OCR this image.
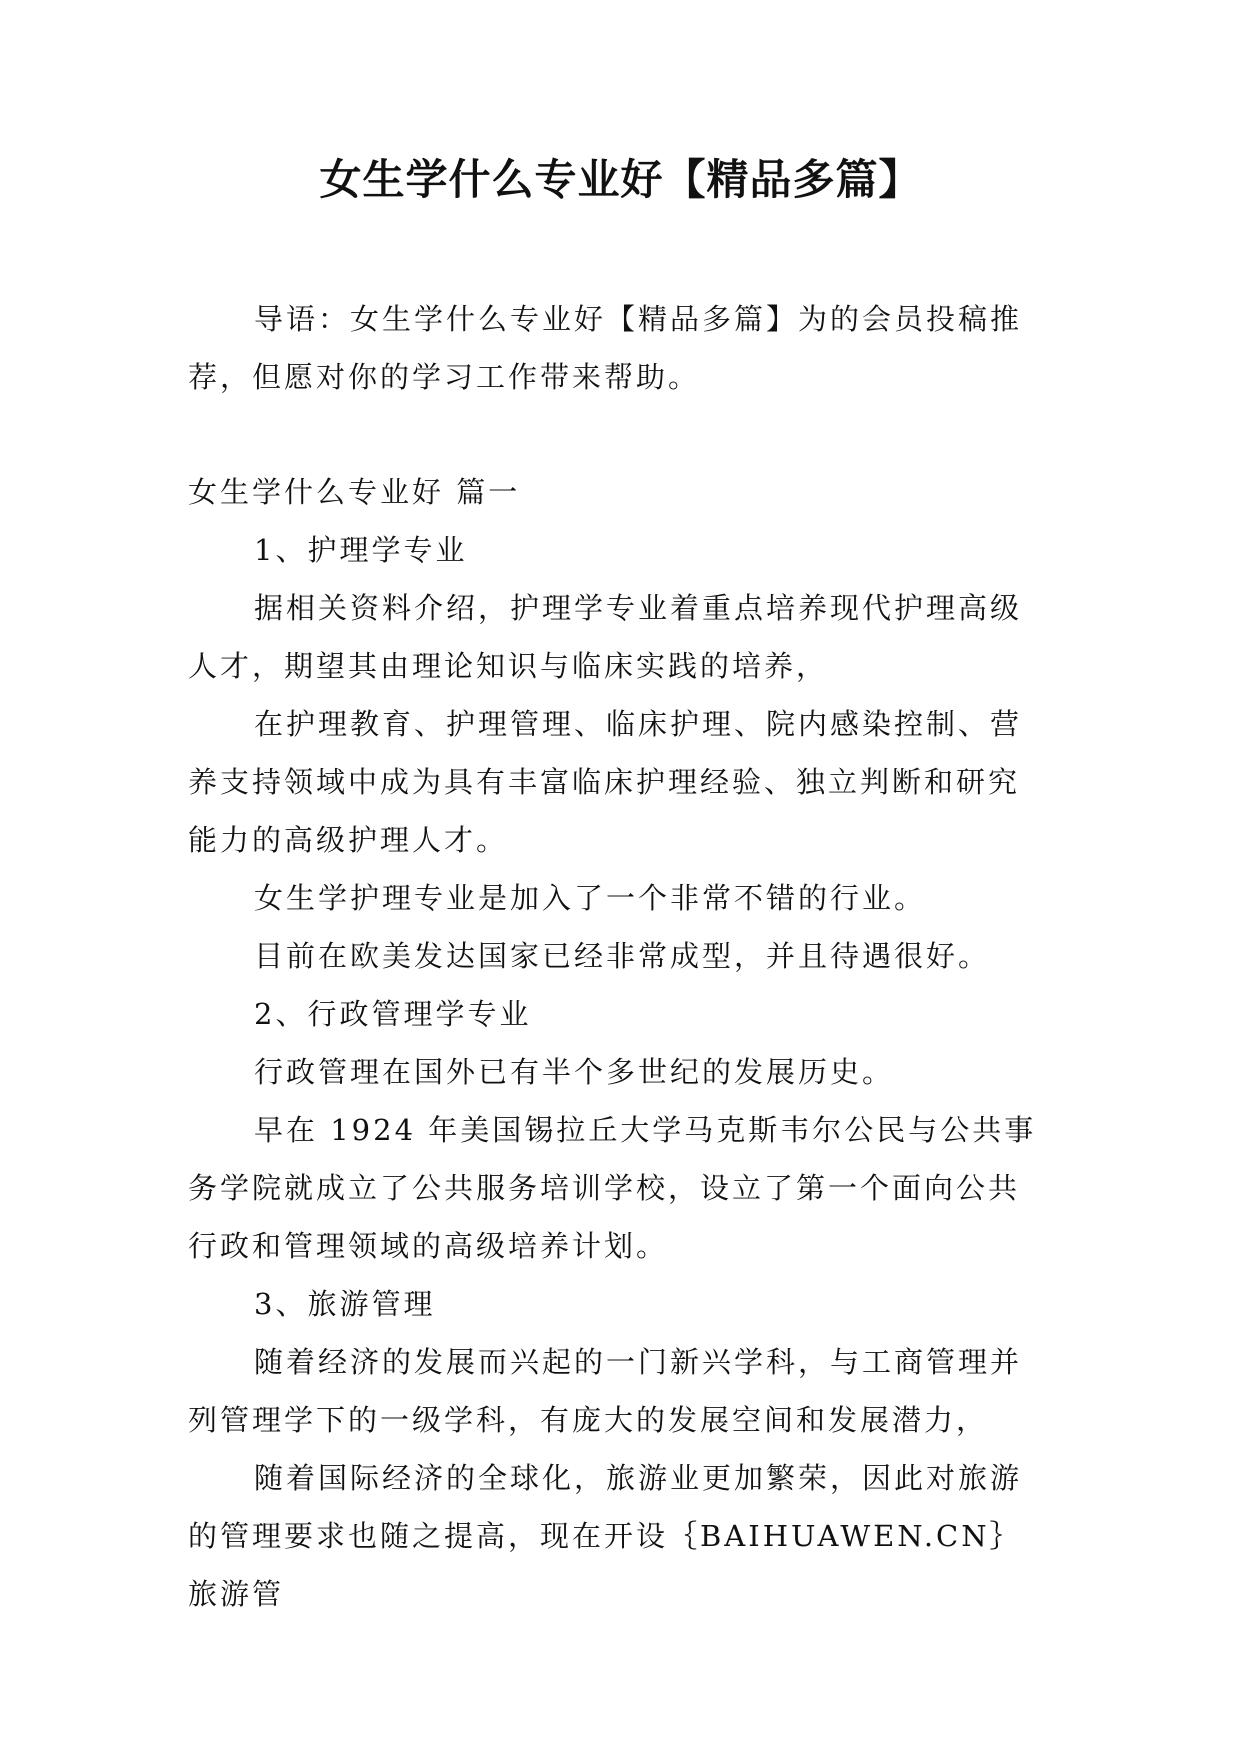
女生学什么专业好【精品多篇】

导语：女生学什么专业好【精品多篇】为的会员投稿推荐，但愿对你的学习工作带来帮助。

女生学什么专业好 篇一

1、护理学专业

据相关资料介绍，护理学专业着重点培养现代护理高级人才，期望其由理论知识与临床实践的培养，

在护理教育、护理管理、临床护理、院内感染控制、营养支持领域中成为具有丰富临床护理经验、独立判断和研究能力的高级护理人才。

女生学护理专业是加入了一个非常不错的行业。

目前在欧美发达国家已经非常成型，并且待遇很好。

2、行政管理学专业

行政管理在国外已有半个多世纪的发展历史。

早在 1924 年美国锡拉丘大学马克斯韦尔公民与公共事务学院就成立了公共服务培训学校，设立了第一个面向公共行政和管理领域的高级培养计划。

3、旅游管理

随着经济的发展而兴起的一门新兴学科，与工商管理并列管理学下的一级学科，有庞大的发展空间和发展潜力，

随着国际经济的全球化，旅游业更加繁荣，因此对旅游的管理要求也随之提高，现在开设｛BAIHUAWEN.CN｝旅游管
